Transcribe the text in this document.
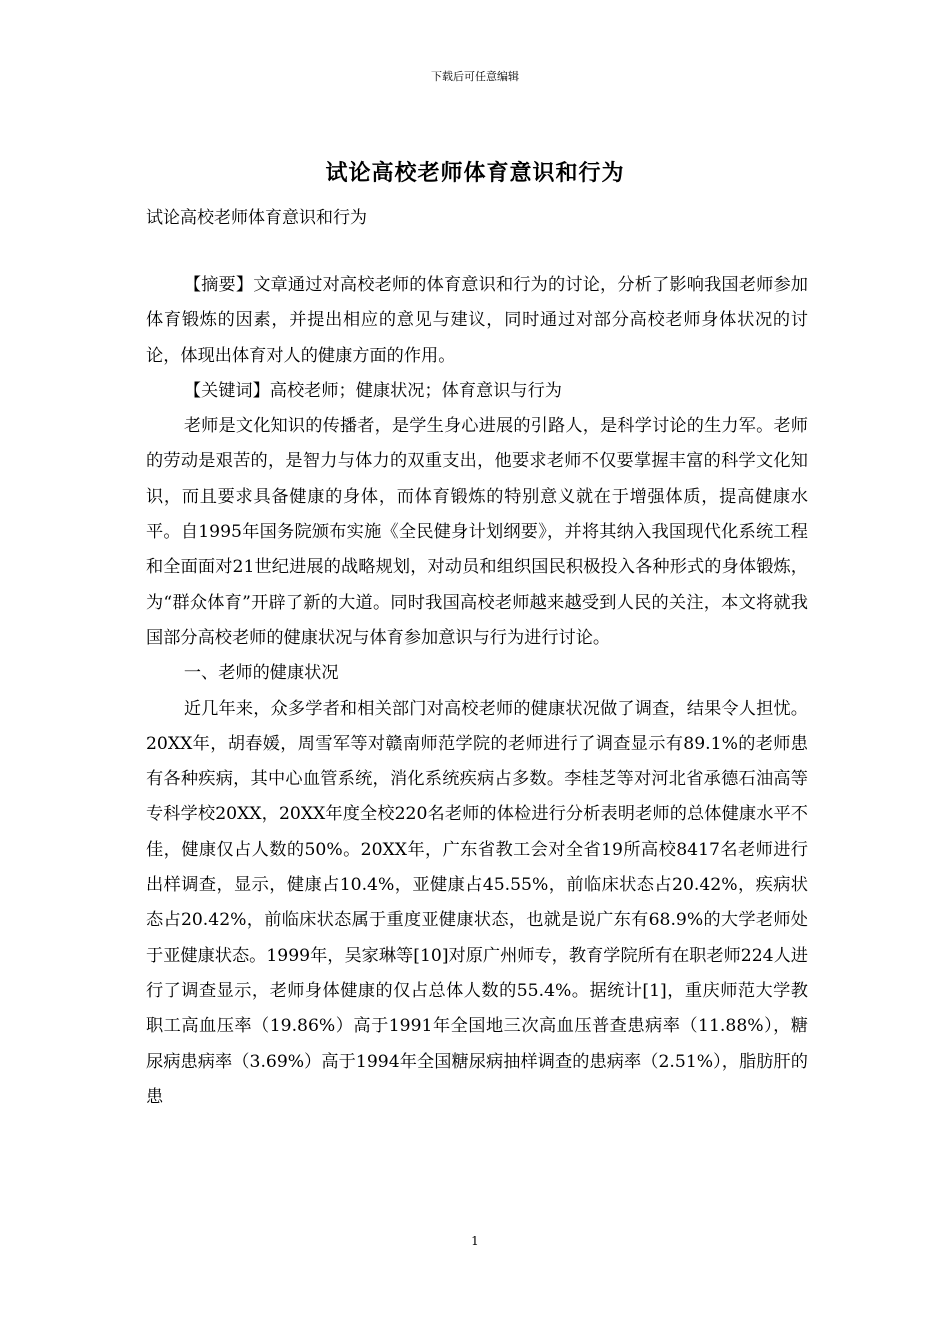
下载后可任意编辑
试论高校老师体育意识和行为
试论高校老师体育意识和行为

【摘要】文章通过对高校老师的体育意识和行为的讨论，分析了影响我国老师参加体育锻炼的因素，并提出相应的意见与建议，同时通过对部分高校老师身体状况的讨论，体现出体育对人的健康方面的作用。

【关键词】高校老师；健康状况；体育意识与行为

老师是文化知识的传播者，是学生身心进展的引路人，是科学讨论的生力军。老师的劳动是艰苦的，是智力与体力的双重支出，他要求老师不仅要掌握丰富的科学文化知识，而且要求具备健康的身体，而体育锻炼的特别意义就在于增强体质，提高健康水平。自1995年国务院颁布实施《全民健身计划纲要》，并将其纳入我国现代化系统工程和全面面对21世纪进展的战略规划，对动员和组织国民积极投入各种形式的身体锻炼，为“群众体育”开辟了新的大道。同时我国高校老师越来越受到人民的关注，本文将就我国部分高校老师的健康状况与体育参加意识与行为进行讨论。

一、老师的健康状况

近几年来，众多学者和相关部门对高校老师的健康状况做了调查，结果令人担忧。20XX年，胡春媛，周雪军等对赣南师范学院的老师进行了调查显示有89.1%的老师患有各种疾病，其中心血管系统，消化系统疾病占多数。李桂芝等对河北省承德石油高等专科学校20XX，20XX年度全校220名老师的体检进行分析表明老师的总体健康水平不佳，健康仅占人数的50%。20XX年，广东省教工会对全省19所高校8417名老师进行出样调查，显示，健康占10.4%，亚健康占45.55%，前临床状态占20.42%，疾病状态占20.42%，前临床状态属于重度亚健康状态，也就是说广东有68.9%的大学老师处于亚健康状态。1999年，吴家琳等[10]对原广州师专，教育学院所有在职老师224人进行了调查显示，老师身体健康的仅占总体人数的55.4%。据统计[1]，重庆师范大学教职工高血压率（19.86%）高于1991年全国地三次高血压普查患病率（11.88%），糖尿病患病率（3.69%）高于1994年全国糖尿病抽样调查的患病率（2.51%），脂肪肝的患

1
